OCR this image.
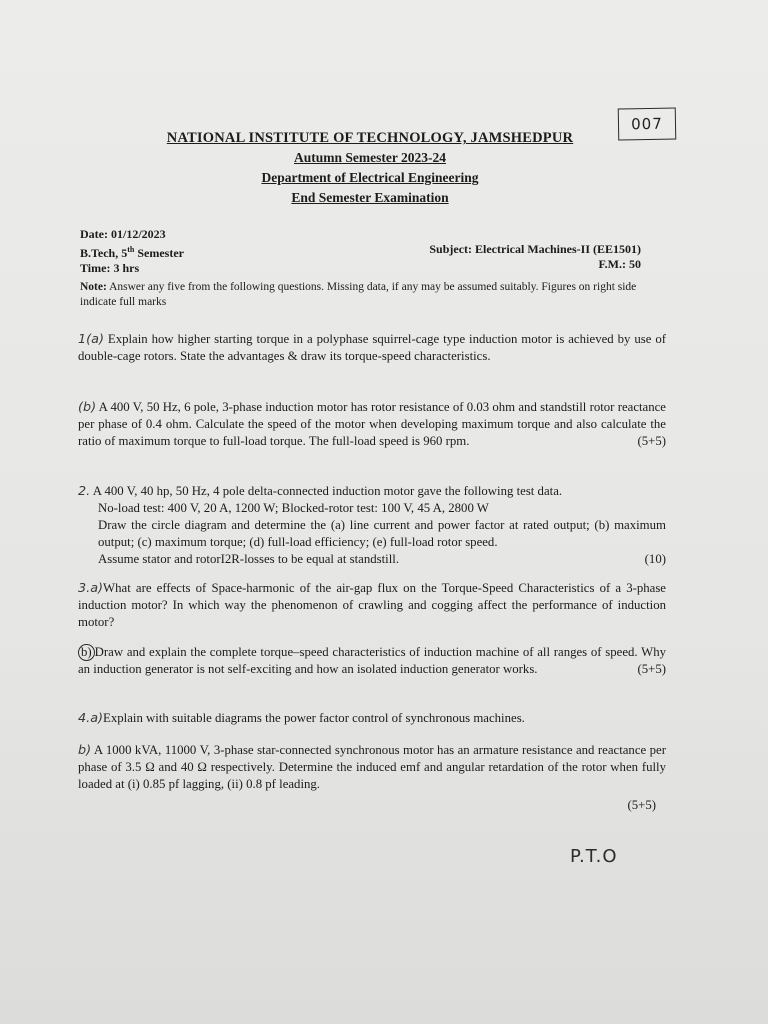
007
NATIONAL INSTITUTE OF TECHNOLOGY, JAMSHEDPUR
Autumn Semester 2023-24
Department of Electrical Engineering
End Semester Examination
Date: 01/12/2023
B.Tech, 5th Semester
Time: 3 hrs
Subject: Electrical Machines-II (EE1501)
F.M.: 50
Note: Answer any five from the following questions. Missing data, if any may be assumed suitably. Figures on right side indicate full marks

1(a) Explain how higher starting torque in a polyphase squirrel-cage type induction motor is achieved by use of double-cage rotors. State the advantages & draw its torque-speed characteristics.

(b) A 400 V, 50 Hz, 6 pole, 3-phase induction motor has rotor resistance of 0.03 ohm and standstill rotor reactance per phase of 0.4 ohm. Calculate the speed of the motor when developing maximum torque and also calculate the ratio of maximum torque to full-load torque. The full-load speed is 960 rpm.	(5+5)

2. A 400 V, 40 hp, 50 Hz, 4 pole delta-connected induction motor gave the following test data.

No-load test: 400 V, 20 A, 1200 W; Blocked-rotor test: 100 V, 45 A, 2800 W

Draw the circle diagram and determine the (a) line current and power factor at rated output; (b) maximum output; (c) maximum torque; (d) full-load efficiency; (e) full-load rotor speed.

Assume stator and rotorI2R-losses to be equal at standstill.	(10)

3.a)What are effects of Space-harmonic of the air-gap flux on the Torque-Speed Characteristics of a 3-phase induction motor? In which way the phenomenon of crawling and cogging affect the performance of induction motor?

b) Draw and explain the complete torque–speed characteristics of induction machine of all ranges of speed. Why an induction generator is not self-exciting and how an isolated induction generator works.	(5+5)

4.a)Explain with suitable diagrams the power factor control of synchronous machines.

b) A 1000 kVA, 11000 V, 3-phase star-connected synchronous motor has an armature resistance and reactance per phase of 3.5 Ω and 40 Ω respectively. Determine the induced emf and angular retardation of the rotor when fully loaded at (i) 0.85 pf lagging, (ii) 0.8 pf leading.

(5+5)

P.T.O
